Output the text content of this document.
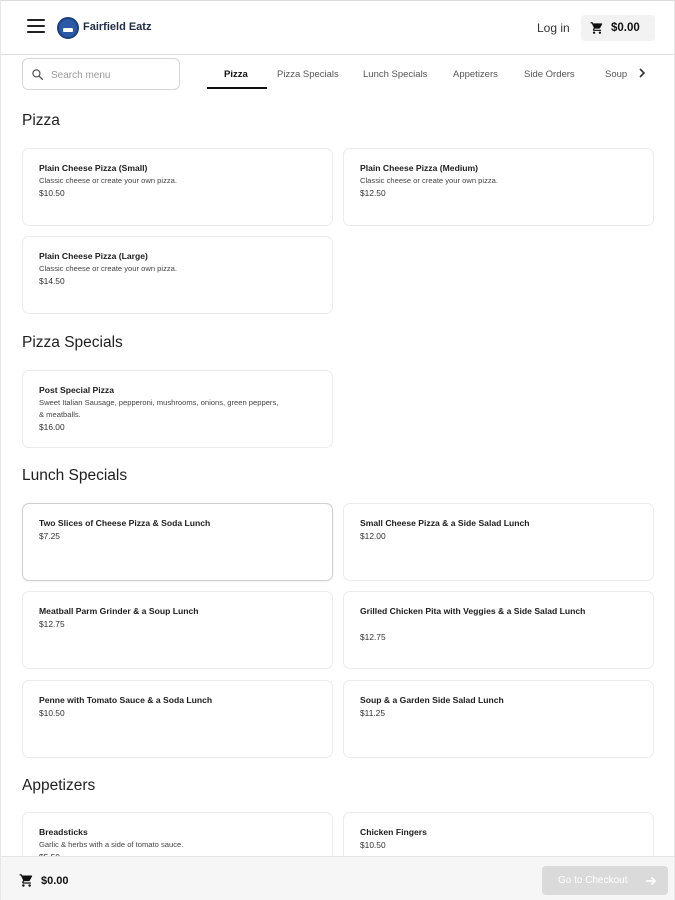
Fairfield Eatz	Log in	$0.00
Search menu
Pizza	Pizza Specials	Lunch Specials	Appetizers	Side Orders	Soup
Pizza
Plain Cheese Pizza (Small)
Classic cheese or create your own pizza.
$10.50
Plain Cheese Pizza (Medium)
Classic cheese or create your own pizza.
$12.50
Plain Cheese Pizza (Large)
Classic cheese or create your own pizza.
$14.50
Pizza Specials
Post Special Pizza
Sweet Italian Sausage, pepperoni, mushrooms, onions, green peppers, & meatballs.
$16.00
Lunch Specials
Two Slices of Cheese Pizza & Soda Lunch
$7.25
Small Cheese Pizza & a Side Salad Lunch
$12.00
Meatball Parm Grinder & a Soup Lunch
$12.75
Grilled Chicken Pita with Veggies & a Side Salad Lunch
$12.75
Penne with Tomato Sauce & a Soda Lunch
$10.50
Soup & a Garden Side Salad Lunch
$11.25
Appetizers
Breadsticks
Garlic & herbs with a side of tomato sauce.
Chicken Fingers
$10.50
$0.00	Go to Checkout
